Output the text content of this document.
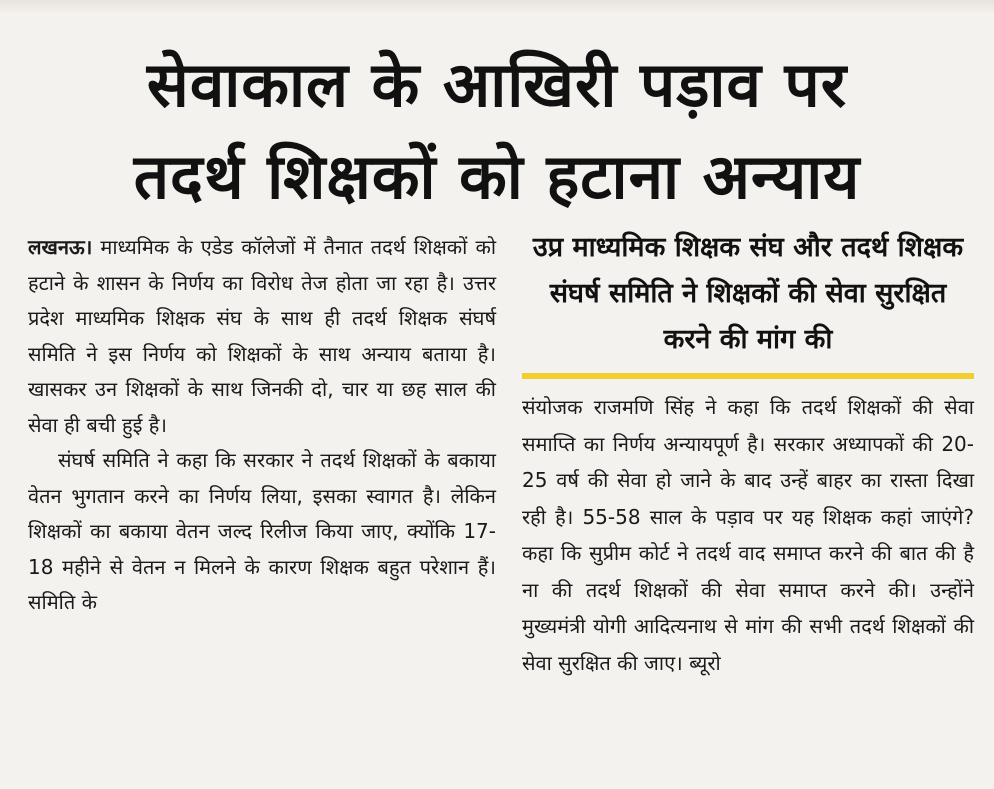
सेवाकाल के आखिरी पड़ाव पर
तदर्थ शिक्षकों को हटाना अन्याय

लखनऊ। माध्यमिक के एडेड कॉलेजों में तैनात तदर्थ शिक्षकों को हटाने के शासन के निर्णय का विरोध तेज होता जा रहा है। उत्तर प्रदेश माध्यमिक शिक्षक संघ के साथ ही तदर्थ शिक्षक संघर्ष समिति ने इस निर्णय को शिक्षकों के साथ अन्याय बताया है। खासकर उन शिक्षकों के साथ जिनकी दो, चार या छह साल की सेवा ही बची हुई है।

संघर्ष समिति ने कहा कि सरकार ने तदर्थ शिक्षकों के बकाया वेतन भुगतान करने का निर्णय लिया, इसका स्वागत है। लेकिन शिक्षकों का बकाया वेतन जल्द रिलीज किया जाए, क्योंकि 17-18 महीने से वेतन न मिलने के कारण शिक्षक बहुत परेशान हैं। समिति के

उप्र माध्यमिक शिक्षक संघ और तदर्थ शिक्षक संघर्ष समिति ने शिक्षकों की सेवा सुरक्षित करने की मांग की

संयोजक राजमणि सिंह ने कहा कि तदर्थ शिक्षकों की सेवा समाप्ति का निर्णय अन्यायपूर्ण है। सरकार अध्यापकों की 20-25 वर्ष की सेवा हो जाने के बाद उन्हें बाहर का रास्ता दिखा रही है। 55-58 साल के पड़ाव पर यह शिक्षक कहां जाएंगे? कहा कि सुप्रीम कोर्ट ने तदर्थ वाद समाप्त करने की बात की है ना की तदर्थ शिक्षकों की सेवा समाप्त करने की। उन्होंने मुख्यमंत्री योगी आदित्यनाथ से मांग की सभी तदर्थ शिक्षकों की सेवा सुरक्षित की जाए। ब्यूरो
